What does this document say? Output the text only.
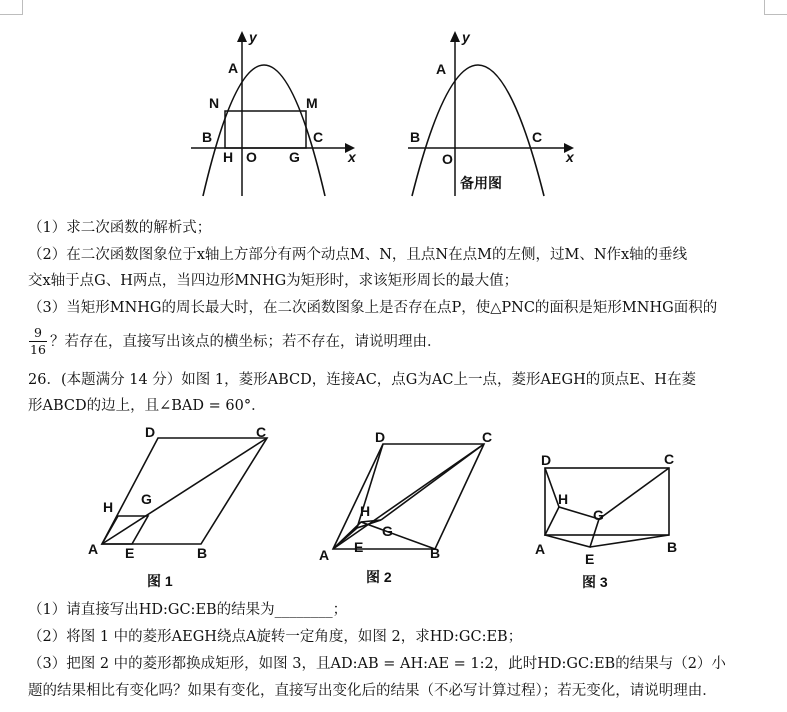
y
x
A
N	M
B	C
H O G
y
x
A
B	C
O
备用图
（1）求二次函数的解析式；
（2）在二次函数图象位于x轴上方部分有两个动点M、N，且点N在点M的左侧，过M、N作x轴的垂线
交x轴于点G、H两点，当四边形MNHG为矩形时，求该矩形周长的最大值；
（3）当矩形MNHG的周长最大时，在二次函数图象上是否存在点P，使△PNC的面积是矩形MNHG面积的
9
16 ？若存在，直接写出该点的横坐标；若不存在，请说明理由．
26．(本题满分 14 分）如图 1，菱形ABCD，连接AC，点G为AC上一点，菱形AEGH的顶点E、H在菱
形ABCD的边上，且∠BAD = 60°．
D	C
H G
A E	B
图 1
D	C
H
G
A E	B
图 2
D	C
H
G
A
E
B
图 3
（1）请直接写出HD:GC:EB的结果为________；
（2）将图 1 中的菱形AEGH绕点A旋转一定角度，如图 2，求HD:GC:EB；
（3）把图 2 中的菱形都换成矩形，如图 3，且AD:AB = AH:AE = 1:2，此时HD:GC:EB的结果与（2）小
题的结果相比有变化吗？如果有变化，直接写出变化后的结果（不必写计算过程）；若无变化，请说明理由．
